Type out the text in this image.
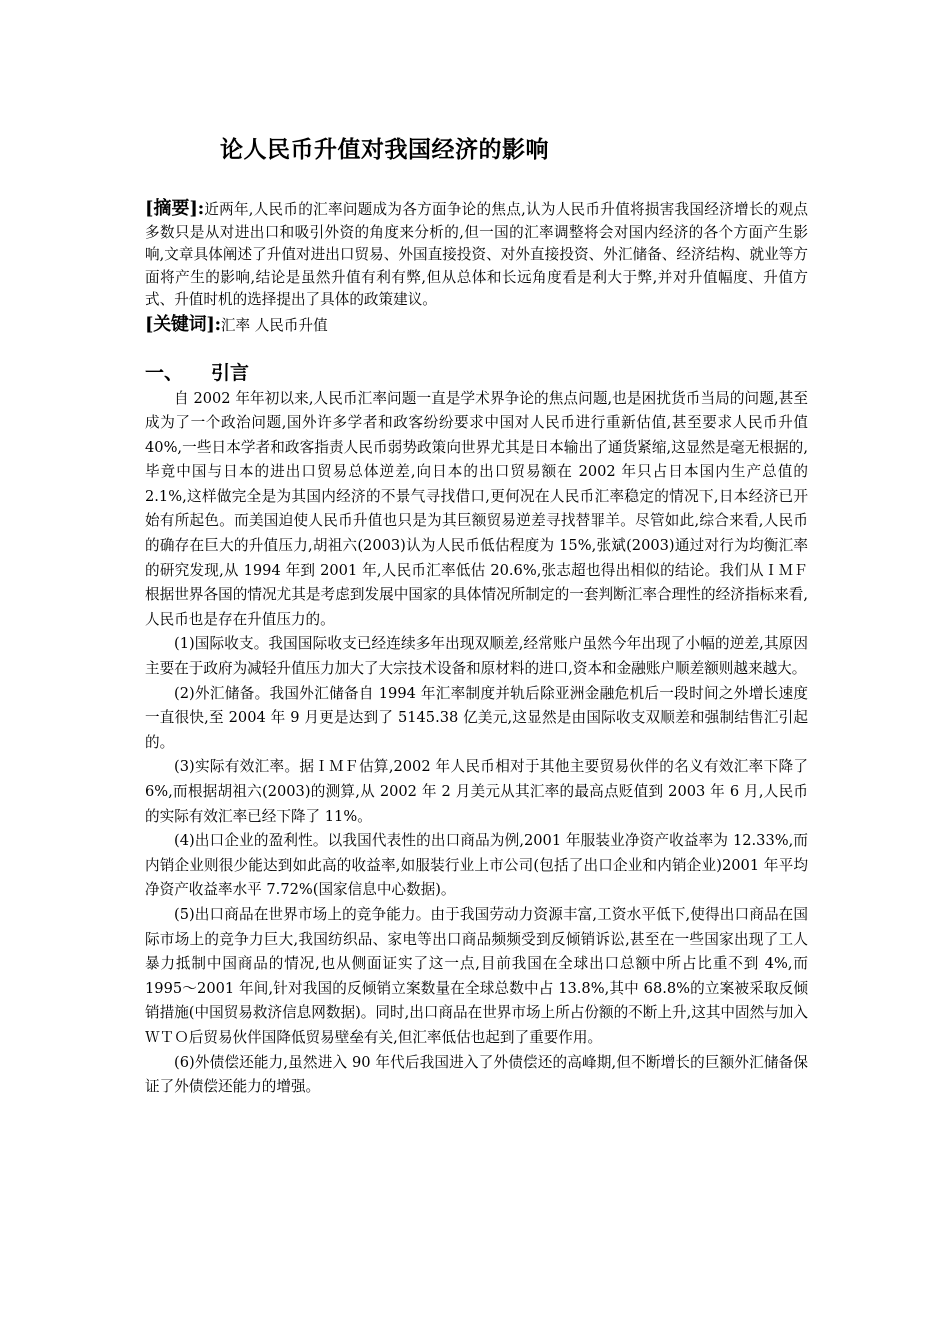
论人民币升值对我国经济的影响
[摘要]:近两年,人民币的汇率问题成为各方面争论的焦点,认为人民币升值将损害我国经济增长的观点多数只是从对进出口和吸引外资的角度来分析的,但一国的汇率调整将会对国内经济的各个方面产生影响,文章具体阐述了升值对进出口贸易、外国直接投资、对外直接投资、外汇储备、经济结构、就业等方面将产生的影响,结论是虽然升值有利有弊,但从总体和长远角度看是利大于弊,并对升值幅度、升值方式、升值时机的选择提出了具体的政策建议。
[关键词]:汇率 人民币升值
一、 引言

自 2002 年年初以来,人民币汇率问题一直是学术界争论的焦点问题,也是困扰货币当局的问题,甚至成为了一个政治问题,国外许多学者和政客纷纷要求中国对人民币进行重新估值,甚至要求人民币升值 40%,一些日本学者和政客指责人民币弱势政策向世界尤其是日本输出了通货紧缩,这显然是毫无根据的,毕竟中国与日本的进出口贸易总体逆差,向日本的出口贸易额在 2002 年只占日本国内生产总值的 2.1%,这样做完全是为其国内经济的不景气寻找借口,更何况在人民币汇率稳定的情况下,日本经济已开始有所起色。而美国迫使人民币升值也只是为其巨额贸易逆差寻找替罪羊。尽管如此,综合来看,人民币的确存在巨大的升值压力,胡祖六(2003)认为人民币低估程度为 15%,张斌(2003)通过对行为均衡汇率的研究发现,从 1994 年到 2001 年,人民币汇率低估 20.6%,张志超也得出相似的结论。我们从ＩＭＦ根据世界各国的情况尤其是考虑到发展中国家的具体情况所制定的一套判断汇率合理性的经济指标来看,人民币也是存在升值压力的。

(1)国际收支。我国国际收支已经连续多年出现双顺差,经常账户虽然今年出现了小幅的逆差,其原因主要在于政府为减轻升值压力加大了大宗技术设备和原材料的进口,资本和金融账户顺差额则越来越大。

(2)外汇储备。我国外汇储备自 1994 年汇率制度并轨后除亚洲金融危机后一段时间之外增长速度一直很快,至 2004 年 9 月更是达到了 5145.38 亿美元,这显然是由国际收支双顺差和强制结售汇引起的。

(3)实际有效汇率。据ＩＭＦ估算,2002 年人民币相对于其他主要贸易伙伴的名义有效汇率下降了 6%,而根据胡祖六(2003)的测算,从 2002 年 2 月美元从其汇率的最高点贬值到 2003 年 6 月,人民币的实际有效汇率已经下降了 11%。

(4)出口企业的盈利性。以我国代表性的出口商品为例,2001 年服装业净资产收益率为 12.33%,而内销企业则很少能达到如此高的收益率,如服装行业上市公司(包括了出口企业和内销企业)2001 年平均净资产收益率水平 7.72%(国家信息中心数据)。

(5)出口商品在世界市场上的竞争能力。由于我国劳动力资源丰富,工资水平低下,使得出口商品在国际市场上的竞争力巨大,我国纺织品、家电等出口商品频频受到反倾销诉讼,甚至在一些国家出现了工人暴力抵制中国商品的情况,也从侧面证实了这一点,目前我国在全球出口总额中所占比重不到 4%,而 1995～2001 年间,针对我国的反倾销立案数量在全球总数中占 13.8%,其中 68.8%的立案被采取反倾销措施(中国贸易救济信息网数据)。同时,出口商品在世界市场上所占份额的不断上升,这其中固然与加入ＷＴＯ后贸易伙伴国降低贸易壁垒有关,但汇率低估也起到了重要作用。

(6)外债偿还能力,虽然进入 90 年代后我国进入了外债偿还的高峰期,但不断增长的巨额外汇储备保证了外债偿还能力的增强。
